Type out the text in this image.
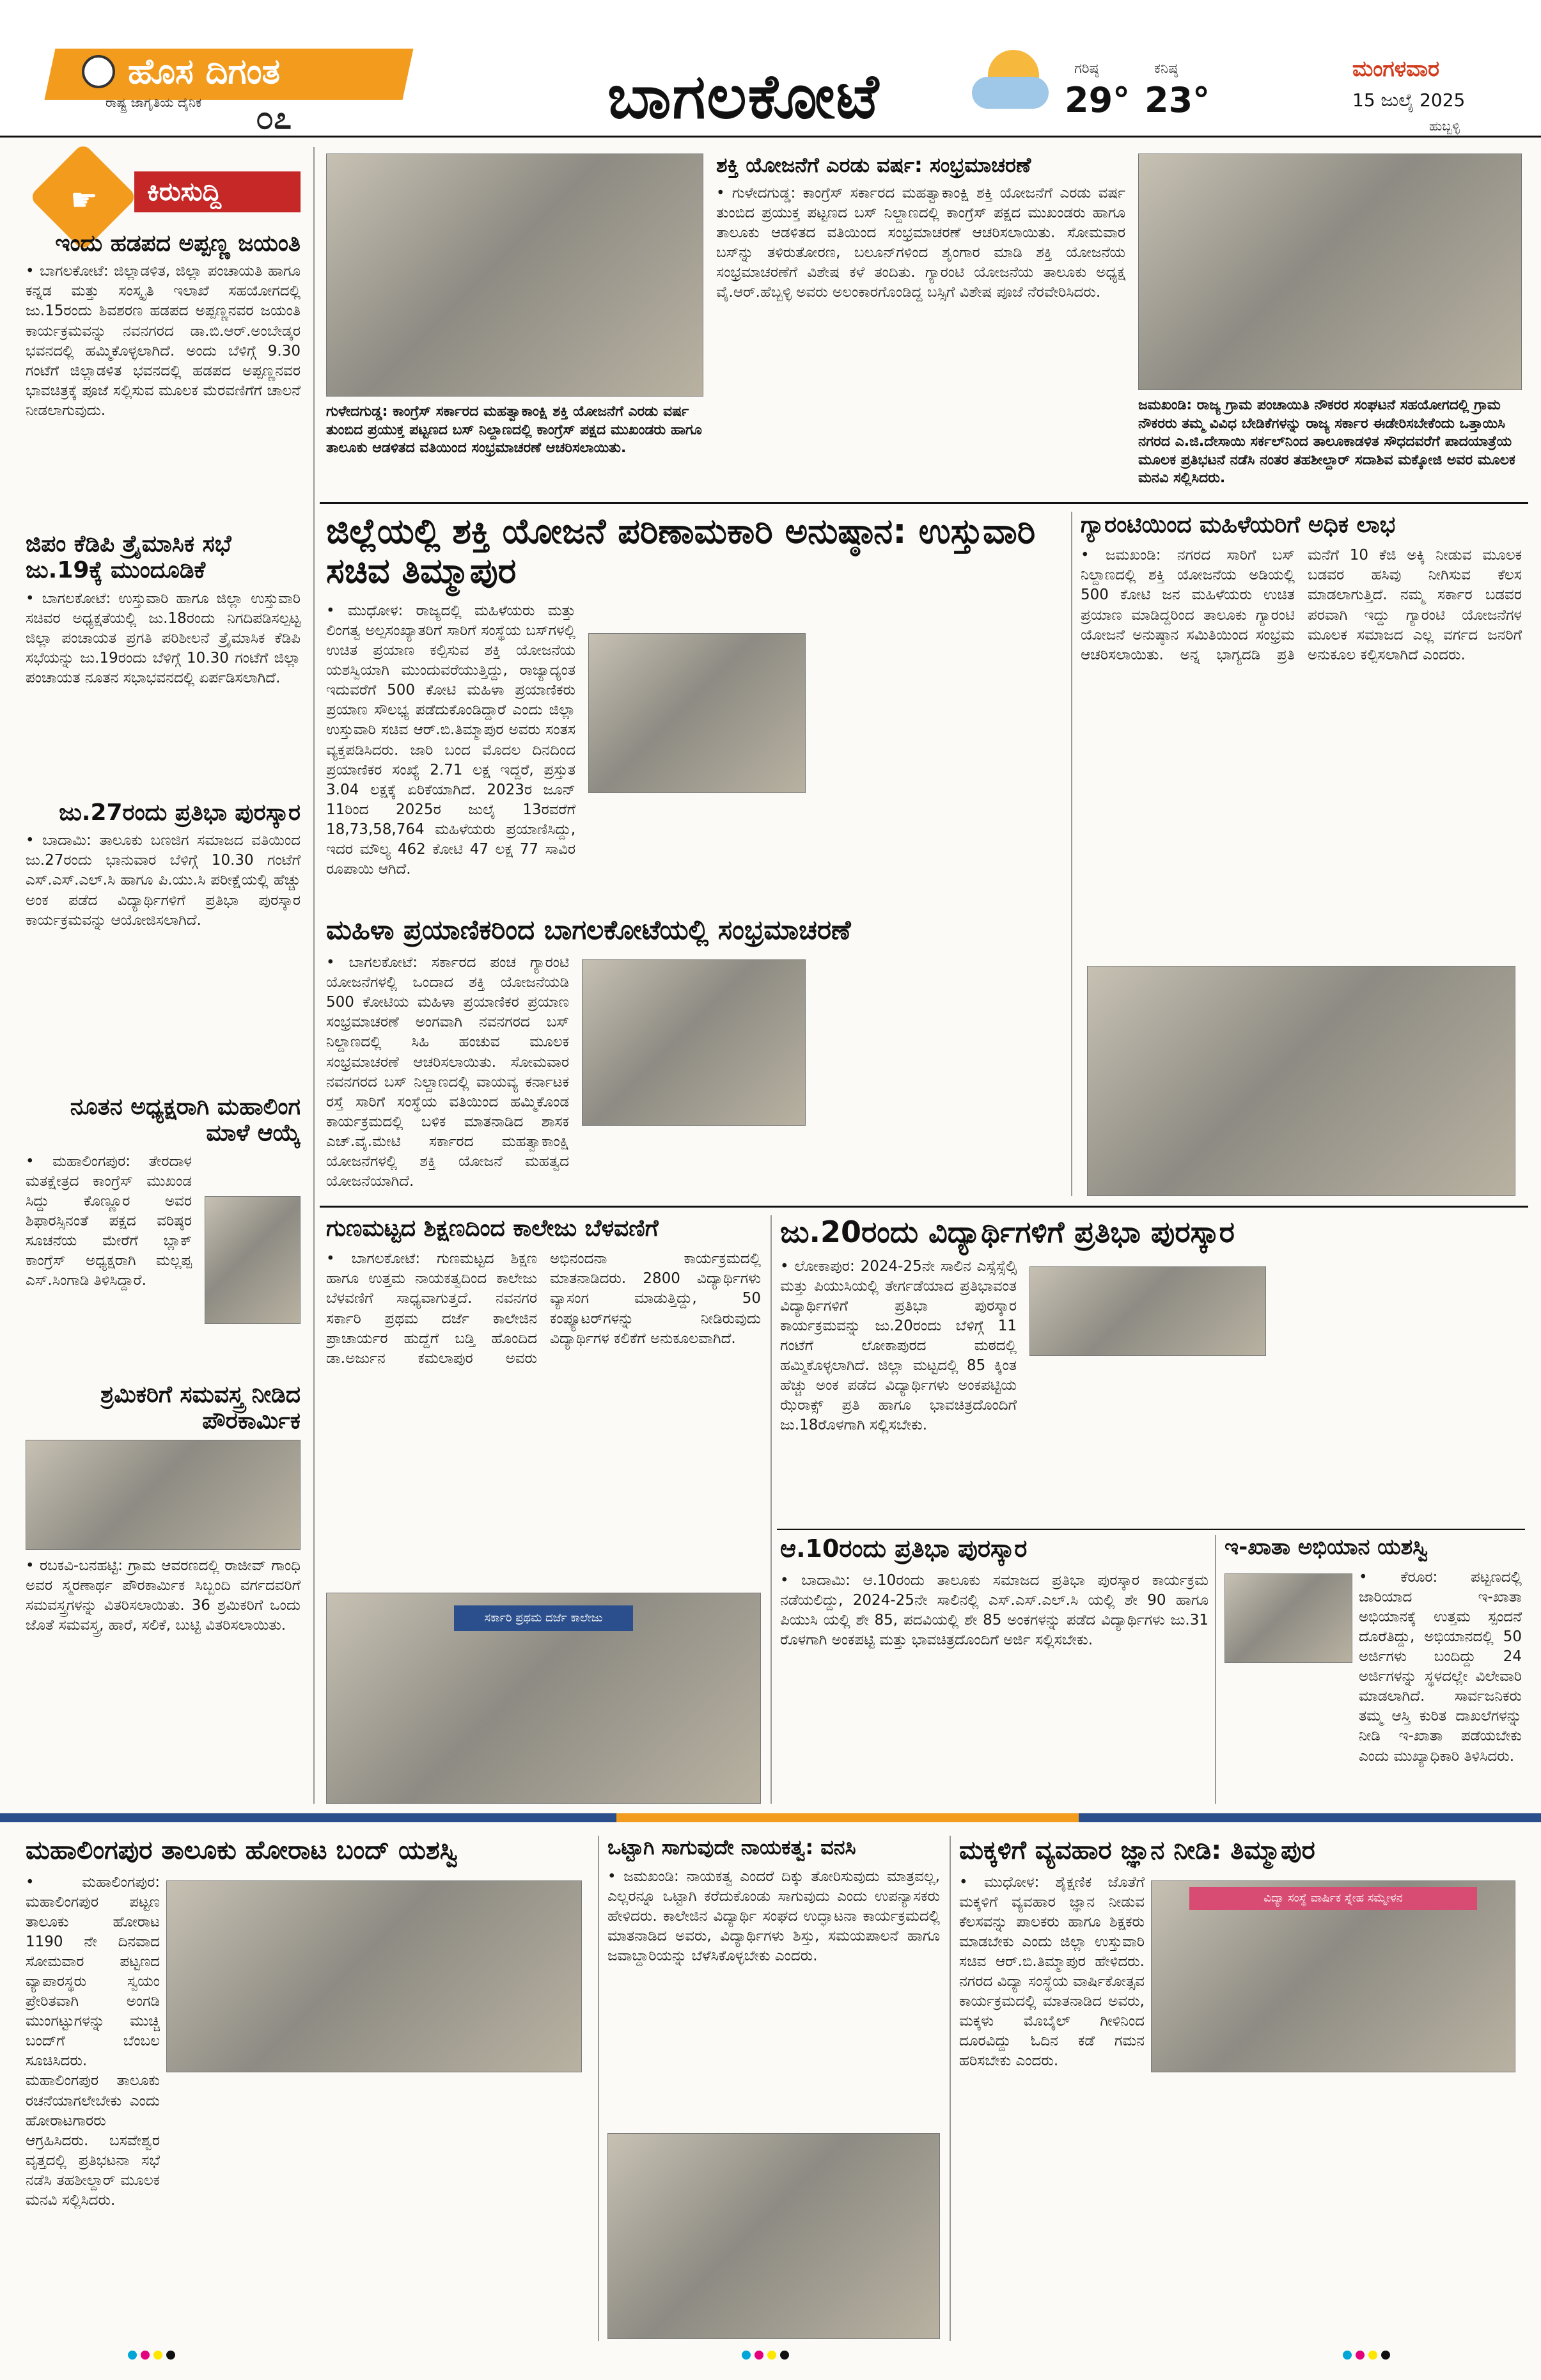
ಹೊಸ ದಿಗಂತ
ರಾಷ್ಟ್ರ ಜಾಗೃತಿಯ ದೈನಿಕ ೦೭	ಬಾಗಲಕೋಟೆ	ಗರಿಷ್ಠ
29°
ಕನಿಷ್ಠ
23°
ಮಂಗಳವಾರ
15 ಜುಲೈ 2025
ಹುಬ್ಬಳ್ಳಿ
☛	ಕಿರುಸುದ್ದಿ
ಇಂದು ಹಡಪದ ಅಪ್ಪಣ್ಣ ಜಯಂತಿ
• ಬಾಗಲಕೋಟೆ: ಜಿಲ್ಲಾಡಳಿತ, ಜಿಲ್ಲಾ ಪಂಚಾಯತಿ ಹಾಗೂ ಕನ್ನಡ ಮತ್ತು ಸಂಸ್ಕೃತಿ ಇಲಾಖೆ ಸಹಯೋಗದಲ್ಲಿ ಜು.15ರಂದು ಶಿವಶರಣ ಹಡಪದ ಅಪ್ಪಣ್ಣನವರ ಜಯಂತಿ ಕಾರ್ಯಕ್ರಮವನ್ನು ನವನಗರದ ಡಾ.ಬಿ.ಆರ್.ಅಂಬೇಡ್ಕರ ಭವನದಲ್ಲಿ ಹಮ್ಮಿಕೊಳ್ಳಲಾಗಿದೆ. ಅಂದು ಬೆಳಿಗ್ಗೆ 9.30 ಗಂಟೆಗೆ ಜಿಲ್ಲಾಡಳಿತ ಭವನದಲ್ಲಿ ಹಡಪದ ಅಪ್ಪಣ್ಣನವರ ಭಾವಚಿತ್ರಕ್ಕೆ ಪೂಜೆ ಸಲ್ಲಿಸುವ ಮೂಲಕ ಮೆರವಣಿಗೆಗೆ ಚಾಲನೆ ನೀಡಲಾಗುವುದು.
ಜಿಪಂ ಕೆಡಿಪಿ ತ್ರೈಮಾಸಿಕ ಸಭೆ ಜು.19ಕ್ಕೆ ಮುಂದೂಡಿಕೆ
• ಬಾಗಲಕೋಟೆ: ಉಸ್ತುವಾರಿ ಹಾಗೂ ಜಿಲ್ಲಾ ಉಸ್ತುವಾರಿ ಸಚಿವರ ಅಧ್ಯಕ್ಷತೆಯಲ್ಲಿ ಜು.18ರಂದು ನಿಗದಿಪಡಿಸಲ್ಪಟ್ಟ ಜಿಲ್ಲಾ ಪಂಚಾಯತ ಪ್ರಗತಿ ಪರಿಶೀಲನೆ ತ್ರೈಮಾಸಿಕ ಕೆಡಿಪಿ ಸಭೆಯನ್ನು ಜು.19ರಂದು ಬೆಳಿಗ್ಗೆ 10.30 ಗಂಟೆಗೆ ಜಿಲ್ಲಾ ಪಂಚಾಯತ ನೂತನ ಸಭಾಭವನದಲ್ಲಿ ಏರ್ಪಡಿಸಲಾಗಿದೆ.
ಜು.27ರಂದು ಪ್ರತಿಭಾ ಪುರಸ್ಕಾರ
• ಬಾದಾಮಿ: ತಾಲೂಕು ಬಣಜಿಗ ಸಮಾಜದ ವತಿಯಿಂದ ಜು.27ರಂದು ಭಾನುವಾರ ಬೆಳಿಗ್ಗೆ 10.30 ಗಂಟೆಗೆ ಎಸ್.ಎಸ್.ಎಲ್.ಸಿ ಹಾಗೂ ಪಿ.ಯು.ಸಿ ಪರೀಕ್ಷೆಯಲ್ಲಿ ಹೆಚ್ಚು ಅಂಕ ಪಡೆದ ವಿದ್ಯಾರ್ಥಿಗಳಿಗೆ ಪ್ರತಿಭಾ ಪುರಸ್ಕಾರ ಕಾರ್ಯಕ್ರಮವನ್ನು ಆಯೋಜಿಸಲಾಗಿದೆ.
ನೂತನ ಅಧ್ಯಕ್ಷರಾಗಿ ಮಹಾಲಿಂಗ ಮಾಳೆ ಆಯ್ಕೆ
• ಮಹಾಲಿಂಗಪುರ: ತೇರದಾಳ ಮತಕ್ಷೇತ್ರದ ಕಾಂಗ್ರೆಸ್ ಮುಖಂಡ ಸಿದ್ದು ಕೊಣ್ಣೂರ ಅವರ ಶಿಫಾರಸ್ಸಿನಂತೆ ಪಕ್ಷದ ವರಿಷ್ಠರ ಸೂಚನೆಯ ಮೇರೆಗೆ ಬ್ಲಾಕ್ ಕಾಂಗ್ರೆಸ್ ಅಧ್ಯಕ್ಷರಾಗಿ ಮಲ್ಲಪ್ಪ ಎಸ್.ಸಿಂಗಾಡಿ ತಿಳಿಸಿದ್ದಾರೆ.
ಶ್ರಮಿಕರಿಗೆ ಸಮವಸ್ತ್ರ ನೀಡಿದ ಪೌರಕಾರ್ಮಿಕ
• ರಬಕವಿ-ಬನಹಟ್ಟಿ: ಗ್ರಾಮ ಆವರಣದಲ್ಲಿ ರಾಜೀವ್ ಗಾಂಧಿ ಅವರ ಸ್ಮರಣಾರ್ಥ ಪೌರಕಾರ್ಮಿಕ ಸಿಬ್ಬಂದಿ ವರ್ಗದವರಿಗೆ ಸಮವಸ್ತ್ರಗಳನ್ನು ವಿತರಿಸಲಾಯಿತು. 36 ಶ್ರಮಿಕರಿಗೆ ಒಂದು ಜೊತೆ ಸಮವಸ್ತ್ರ, ಹಾರೆ, ಸಲಿಕೆ, ಬುಟ್ಟಿ ವಿತರಿಸಲಾಯಿತು.
ಗುಳೇದಗುಡ್ಡ: ಕಾಂಗ್ರೆಸ್ ಸರ್ಕಾರದ ಮಹತ್ವಾಕಾಂಕ್ಷಿ ಶಕ್ತಿ ಯೋಜನೆಗೆ ಎರಡು ವರ್ಷ ತುಂಬಿದ ಪ್ರಯುಕ್ತ ಪಟ್ಟಣದ ಬಸ್ ನಿಲ್ದಾಣದಲ್ಲಿ ಕಾಂಗ್ರೆಸ್ ಪಕ್ಷದ ಮುಖಂಡರು ಹಾಗೂ ತಾಲೂಕು ಆಡಳಿತದ ವತಿಯಿಂದ ಸಂಭ್ರಮಾಚರಣೆ ಆಚರಿಸಲಾಯಿತು.
ಶಕ್ತಿ ಯೋಜನೆಗೆ ಎರಡು ವರ್ಷ: ಸಂಭ್ರಮಾಚರಣೆ
• ಗುಳೇದಗುಡ್ಡ: ಕಾಂಗ್ರೆಸ್ ಸರ್ಕಾರದ ಮಹತ್ವಾಕಾಂಕ್ಷಿ ಶಕ್ತಿ ಯೋಜನೆಗೆ ಎರಡು ವರ್ಷ ತುಂಬಿದ ಪ್ರಯುಕ್ತ ಪಟ್ಟಣದ ಬಸ್ ನಿಲ್ದಾಣದಲ್ಲಿ ಕಾಂಗ್ರೆಸ್ ಪಕ್ಷದ ಮುಖಂಡರು ಹಾಗೂ ತಾಲೂಕು ಆಡಳಿತದ ವತಿಯಿಂದ ಸಂಭ್ರಮಾಚರಣೆ ಆಚರಿಸಲಾಯಿತು. ಸೋಮವಾರ ಬಸ್‌ನ್ನು ತಳಿರುತೋರಣ, ಬಲೂನ್‌ಗಳಿಂದ ಶೃಂಗಾರ ಮಾಡಿ ಶಕ್ತಿ ಯೋಜನೆಯ ಸಂಭ್ರಮಾಚರಣೆಗೆ ವಿಶೇಷ ಕಳೆ ತಂದಿತು. ಗ್ಯಾರಂಟಿ ಯೋಜನೆಯ ತಾಲೂಕು ಅಧ್ಯಕ್ಷ ವೈ.ಆರ್.ಹೆಬ್ಬಳ್ಳಿ ಅವರು ಅಲಂಕಾರಗೊಂಡಿದ್ದ ಬಸ್ಸಿಗೆ ವಿಶೇಷ ಪೂಜೆ ನೆರವೇರಿಸಿದರು.
ಜಮಖಂಡಿ: ರಾಜ್ಯ ಗ್ರಾಮ ಪಂಚಾಯಿತಿ ನೌಕರರ ಸಂಘಟನೆ ಸಹಯೋಗದಲ್ಲಿ ಗ್ರಾಮ ನೌಕರರು ತಮ್ಮ ವಿವಿಧ ಬೇಡಿಕೆಗಳನ್ನು ರಾಜ್ಯ ಸರ್ಕಾರ ಈಡೇರಿಸಬೇಕೆಂದು ಒತ್ತಾಯಿಸಿ ನಗರದ ಎ.ಜಿ.ದೇಸಾಯಿ ಸರ್ಕಲ್‌ನಿಂದ ತಾಲೂಕಾಡಳಿತ ಸೌಧದವರೆಗೆ ಪಾದಯಾತ್ರೆಯ ಮೂಲಕ ಪ್ರತಿಭಟನೆ ನಡೆಸಿ ನಂತರ ತಹಶೀಲ್ದಾರ್ ಸದಾಶಿವ ಮಕ್ಕೋಜಿ ಅವರ ಮೂಲಕ ಮನವಿ ಸಲ್ಲಿಸಿದರು.
ಜಿಲ್ಲೆಯಲ್ಲಿ ಶಕ್ತಿ ಯೋಜನೆ ಪರಿಣಾಮಕಾರಿ ಅನುಷ್ಠಾನ: ಉಸ್ತುವಾರಿ ಸಚಿವ ತಿಮ್ಮಾಪುರ
• ಮುಧೋಳ: ರಾಜ್ಯದಲ್ಲಿ ಮಹಿಳೆಯರು ಮತ್ತು ಲಿಂಗತ್ವ ಅಲ್ಪಸಂಖ್ಯಾತರಿಗೆ ಸಾರಿಗೆ ಸಂಸ್ಥೆಯ ಬಸ್‌ಗಳಲ್ಲಿ ಉಚಿತ ಪ್ರಯಾಣ ಕಲ್ಪಿಸುವ ಶಕ್ತಿ ಯೋಜನೆಯ ಯಶಸ್ವಿಯಾಗಿ ಮುಂದುವರೆಯುತ್ತಿದ್ದು, ರಾಜ್ಯಾದ್ಯಂತ ಇದುವರೆಗೆ 500 ಕೋಟಿ ಮಹಿಳಾ ಪ್ರಯಾಣಿಕರು ಪ್ರಯಾಣ ಸೌಲಭ್ಯ ಪಡೆದುಕೊಂಡಿದ್ದಾರೆ ಎಂದು ಜಿಲ್ಲಾ ಉಸ್ತುವಾರಿ ಸಚಿವ ಆರ್.ಬಿ.ತಿಮ್ಮಾಪುರ ಅವರು ಸಂತಸ ವ್ಯಕ್ತಪಡಿಸಿದರು. ಜಾರಿ ಬಂದ ಮೊದಲ ದಿನದಿಂದ ಪ್ರಯಾಣಿಕರ ಸಂಖ್ಯೆ 2.71 ಲಕ್ಷ ಇದ್ದರೆ, ಪ್ರಸ್ತುತ 3.04 ಲಕ್ಷಕ್ಕೆ ಏರಿಕೆಯಾಗಿದೆ. 2023ರ ಜೂನ್ 11ರಿಂದ 2025ರ ಜುಲೈ 13ರವರೆಗೆ 18,73,58,764 ಮಹಿಳೆಯರು ಪ್ರಯಾಣಿಸಿದ್ದು, ಇದರ ಮೌಲ್ಯ 462 ಕೋಟಿ 47 ಲಕ್ಷ 77 ಸಾವಿರ ರೂಪಾಯಿ ಆಗಿದೆ.
ಗ್ಯಾರಂಟಿಯಿಂದ ಮಹಿಳೆಯರಿಗೆ ಅಧಿಕ ಲಾಭ
• ಜಮಖಂಡಿ: ನಗರದ ಸಾರಿಗೆ ಬಸ್ ನಿಲ್ದಾಣದಲ್ಲಿ ಶಕ್ತಿ ಯೋಜನೆಯ ಅಡಿಯಲ್ಲಿ 500 ಕೋಟಿ ಜನ ಮಹಿಳೆಯರು ಉಚಿತ ಪ್ರಯಾಣ ಮಾಡಿದ್ದರಿಂದ ತಾಲೂಕು ಗ್ಯಾರಂಟಿ ಯೋಜನೆ ಅನುಷ್ಠಾನ ಸಮಿತಿಯಿಂದ ಸಂಭ್ರಮ ಆಚರಿಸಲಾಯಿತು. ಅನ್ನ ಭಾಗ್ಯದಡಿ ಪ್ರತಿ ಮನೆಗೆ 10 ಕೆಜಿ ಅಕ್ಕಿ ನೀಡುವ ಮೂಲಕ ಬಡವರ ಹಸಿವು ನೀಗಿಸುವ ಕೆಲಸ ಮಾಡಲಾಗುತ್ತಿದೆ. ನಮ್ಮ ಸರ್ಕಾರ ಬಡವರ ಪರವಾಗಿ ಇದ್ದು ಗ್ಯಾರಂಟಿ ಯೋಜನೆಗಳ ಮೂಲಕ ಸಮಾಜದ ಎಲ್ಲ ವರ್ಗದ ಜನರಿಗೆ ಅನುಕೂಲ ಕಲ್ಪಿಸಲಾಗಿದೆ ಎಂದರು.
ಮಹಿಳಾ ಪ್ರಯಾಣಿಕರಿಂದ ಬಾಗಲಕೋಟೆಯಲ್ಲಿ ಸಂಭ್ರಮಾಚರಣೆ
• ಬಾಗಲಕೋಟೆ: ಸರ್ಕಾರದ ಪಂಚ ಗ್ಯಾರಂಟಿ ಯೋಜನೆಗಳಲ್ಲಿ ಒಂದಾದ ಶಕ್ತಿ ಯೋಜನೆಯಡಿ 500 ಕೋಟಿಯ ಮಹಿಳಾ ಪ್ರಯಾಣಿಕರ ಪ್ರಯಾಣ ಸಂಭ್ರಮಾಚರಣೆ ಅಂಗವಾಗಿ ನವನಗರದ ಬಸ್ ನಿಲ್ದಾಣದಲ್ಲಿ ಸಿಹಿ ಹಂಚುವ ಮೂಲಕ ಸಂಭ್ರಮಾಚರಣೆ ಆಚರಿಸಲಾಯಿತು. ಸೋಮವಾರ ನವನಗರದ ಬಸ್ ನಿಲ್ದಾಣದಲ್ಲಿ ವಾಯವ್ಯ ಕರ್ನಾಟಕ ರಸ್ತೆ ಸಾರಿಗೆ ಸಂಸ್ಥೆಯ ವತಿಯಿಂದ ಹಮ್ಮಿಕೊಂಡ ಕಾರ್ಯಕ್ರಮದಲ್ಲಿ ಬಳಿಕ ಮಾತನಾಡಿದ ಶಾಸಕ ಎಚ್.ವೈ.ಮೇಟಿ ಸರ್ಕಾರದ ಮಹತ್ವಾಕಾಂಕ್ಷಿ ಯೋಜನೆಗಳಲ್ಲಿ ಶಕ್ತಿ ಯೋಜನೆ ಮಹತ್ವದ ಯೋಜನೆಯಾಗಿದೆ.
ಗುಣಮಟ್ಟದ ಶಿಕ್ಷಣದಿಂದ ಕಾಲೇಜು ಬೆಳವಣಿಗೆ
• ಬಾಗಲಕೋಟೆ: ಗುಣಮಟ್ಟದ ಶಿಕ್ಷಣ ಹಾಗೂ ಉತ್ತಮ ನಾಯಕತ್ವದಿಂದ ಕಾಲೇಜು ಬೆಳವಣಿಗೆ ಸಾಧ್ಯವಾಗುತ್ತದೆ. ನವನಗರ ಸರ್ಕಾರಿ ಪ್ರಥಮ ದರ್ಜೆ ಕಾಲೇಜಿನ ಪ್ರಾಚಾರ್ಯರ ಹುದ್ದೆಗೆ ಬಡ್ತಿ ಹೊಂದಿದ ಡಾ.ಅರ್ಜುನ ಕಮಲಾಪುರ ಅವರು ಅಭಿನಂದನಾ ಕಾರ್ಯಕ್ರಮದಲ್ಲಿ ಮಾತನಾಡಿದರು. 2800 ವಿದ್ಯಾರ್ಥಿಗಳು ವ್ಯಾಸಂಗ ಮಾಡುತ್ತಿದ್ದು, 50 ಕಂಪ್ಯೂಟರ್‌ಗಳನ್ನು ನೀಡಿರುವುದು ವಿದ್ಯಾರ್ಥಿಗಳ ಕಲಿಕೆಗೆ ಅನುಕೂಲವಾಗಿದೆ.
ಸರ್ಕಾರಿ ಪ್ರಥಮ ದರ್ಜೆ ಕಾಲೇಜು
ಜು.20ರಂದು ವಿದ್ಯಾರ್ಥಿಗಳಿಗೆ ಪ್ರತಿಭಾ ಪುರಸ್ಕಾರ
• ಲೋಕಾಪುರ: 2024-25ನೇ ಸಾಲಿನ ಎಸ್ಸೆಸ್ಸೆಲ್ಸಿ ಮತ್ತು ಪಿಯುಸಿಯಲ್ಲಿ ತೇರ್ಗಡೆಯಾದ ಪ್ರತಿಭಾವಂತ ವಿದ್ಯಾರ್ಥಿಗಳಿಗೆ ಪ್ರತಿಭಾ ಪುರಸ್ಕಾರ ಕಾರ್ಯಕ್ರಮವನ್ನು ಜು.20ರಂದು ಬೆಳಿಗ್ಗೆ 11 ಗಂಟೆಗೆ ಲೋಕಾಪುರದ ಮಠದಲ್ಲಿ ಹಮ್ಮಿಕೊಳ್ಳಲಾಗಿದೆ. ಜಿಲ್ಲಾ ಮಟ್ಟದಲ್ಲಿ 85 ಕ್ಕಿಂತ ಹೆಚ್ಚು ಅಂಕ ಪಡೆದ ವಿದ್ಯಾರ್ಥಿಗಳು ಅಂಕಪಟ್ಟಿಯ ಝೆರಾಕ್ಸ್ ಪ್ರತಿ ಹಾಗೂ ಭಾವಚಿತ್ರದೊಂದಿಗೆ ಜು.18ರೊಳಗಾಗಿ ಸಲ್ಲಿಸಬೇಕು.
ಆ.10ರಂದು ಪ್ರತಿಭಾ ಪುರಸ್ಕಾರ
• ಬಾದಾಮಿ: ಆ.10ರಂದು ತಾಲೂಕು ಸಮಾಜದ ಪ್ರತಿಭಾ ಪುರಸ್ಕಾರ ಕಾರ್ಯಕ್ರಮ ನಡೆಯಲಿದ್ದು, 2024-25ನೇ ಸಾಲಿನಲ್ಲಿ ಎಸ್.ಎಸ್.ಎಲ್.ಸಿ ಯಲ್ಲಿ ಶೇ 90 ಹಾಗೂ ಪಿಯುಸಿ ಯಲ್ಲಿ ಶೇ 85, ಪದವಿಯಲ್ಲಿ ಶೇ 85 ಅಂಕಗಳನ್ನು ಪಡೆದ ವಿದ್ಯಾರ್ಥಿಗಳು ಜು.31 ರೊಳಗಾಗಿ ಅಂಕಪಟ್ಟಿ ಮತ್ತು ಭಾವಚಿತ್ರದೊಂದಿಗೆ ಅರ್ಜಿ ಸಲ್ಲಿಸಬೇಕು.
ಇ-ಖಾತಾ ಅಭಿಯಾನ ಯಶಸ್ವಿ
• ಕೆರೂರ: ಪಟ್ಟಣದಲ್ಲಿ ಜಾರಿಯಾದ ಇ-ಖಾತಾ ಅಭಿಯಾನಕ್ಕೆ ಉತ್ತಮ ಸ್ಪಂದನೆ ದೊರೆತಿದ್ದು, ಅಭಿಯಾನದಲ್ಲಿ 50 ಅರ್ಜಿಗಳು ಬಂದಿದ್ದು 24 ಅರ್ಜಿಗಳನ್ನು ಸ್ಥಳದಲ್ಲೇ ವಿಲೇವಾರಿ ಮಾಡಲಾಗಿದೆ. ಸಾರ್ವಜನಿಕರು ತಮ್ಮ ಆಸ್ತಿ ಕುರಿತ ದಾಖಲೆಗಳನ್ನು ನೀಡಿ ಇ-ಖಾತಾ ಪಡೆಯಬೇಕು ಎಂದು ಮುಖ್ಯಾಧಿಕಾರಿ ತಿಳಿಸಿದರು.
ಮಹಾಲಿಂಗಪುರ ತಾಲೂಕು ಹೋರಾಟ ಬಂದ್ ಯಶಸ್ವಿ
• ಮಹಾಲಿಂಗಪುರ: ಮಹಾಲಿಂಗಪುರ ಪಟ್ಟಣ ತಾಲೂಕು ಹೋರಾಟ 1190 ನೇ ದಿನವಾದ ಸೋಮವಾರ ಪಟ್ಟಣದ ವ್ಯಾಪಾರಸ್ಥರು ಸ್ವಯಂ ಪ್ರೇರಿತವಾಗಿ ಅಂಗಡಿ ಮುಂಗಟ್ಟುಗಳನ್ನು ಮುಚ್ಚಿ ಬಂದ್‌ಗೆ ಬೆಂಬಲ ಸೂಚಿಸಿದರು. ಮಹಾಲಿಂಗಪುರ ತಾಲೂಕು ರಚನೆಯಾಗಲೇಬೇಕು ಎಂದು ಹೋರಾಟಗಾರರು ಆಗ್ರಹಿಸಿದರು. ಬಸವೇಶ್ವರ ವೃತ್ತದಲ್ಲಿ ಪ್ರತಿಭಟನಾ ಸಭೆ ನಡೆಸಿ ತಹಶೀಲ್ದಾರ್ ಮೂಲಕ ಮನವಿ ಸಲ್ಲಿಸಿದರು.
ಒಟ್ಟಾಗಿ ಸಾಗುವುದೇ ನಾಯಕತ್ವ: ವನಸಿ
• ಜಮಖಂಡಿ: ನಾಯಕತ್ವ ಎಂದರೆ ದಿಕ್ಕು ತೋರಿಸುವುದು ಮಾತ್ರವಲ್ಲ, ಎಲ್ಲರನ್ನೂ ಒಟ್ಟಾಗಿ ಕರೆದುಕೊಂಡು ಸಾಗುವುದು ಎಂದು ಉಪನ್ಯಾಸಕರು ಹೇಳಿದರು. ಕಾಲೇಜಿನ ವಿದ್ಯಾರ್ಥಿ ಸಂಘದ ಉದ್ಘಾಟನಾ ಕಾರ್ಯಕ್ರಮದಲ್ಲಿ ಮಾತನಾಡಿದ ಅವರು, ವಿದ್ಯಾರ್ಥಿಗಳು ಶಿಸ್ತು, ಸಮಯಪಾಲನೆ ಹಾಗೂ ಜವಾಬ್ದಾರಿಯನ್ನು ಬೆಳೆಸಿಕೊಳ್ಳಬೇಕು ಎಂದರು.
ಮಕ್ಕಳಿಗೆ ವ್ಯವಹಾರ ಜ್ಞಾನ ನೀಡಿ: ತಿಮ್ಮಾಪುರ
ವಿದ್ಯಾ ಸಂಸ್ಥೆ ವಾರ್ಷಿಕ ಸ್ನೇಹ ಸಮ್ಮೇಳನ
• ಮುಧೋಳ: ಶೈಕ್ಷಣಿಕ ಜೊತೆಗೆ ಮಕ್ಕಳಿಗೆ ವ್ಯವಹಾರ ಜ್ಞಾನ ನೀಡುವ ಕೆಲಸವನ್ನು ಪಾಲಕರು ಹಾಗೂ ಶಿಕ್ಷಕರು ಮಾಡಬೇಕು ಎಂದು ಜಿಲ್ಲಾ ಉಸ್ತುವಾರಿ ಸಚಿವ ಆರ್.ಬಿ.ತಿಮ್ಮಾಪುರ ಹೇಳಿದರು. ನಗರದ ವಿದ್ಯಾ ಸಂಸ್ಥೆಯ ವಾರ್ಷಿಕೋತ್ಸವ ಕಾರ್ಯಕ್ರಮದಲ್ಲಿ ಮಾತನಾಡಿದ ಅವರು, ಮಕ್ಕಳು ಮೊಬೈಲ್ ಗೀಳಿನಿಂದ ದೂರವಿದ್ದು ಓದಿನ ಕಡೆ ಗಮನ ಹರಿಸಬೇಕು ಎಂದರು.
